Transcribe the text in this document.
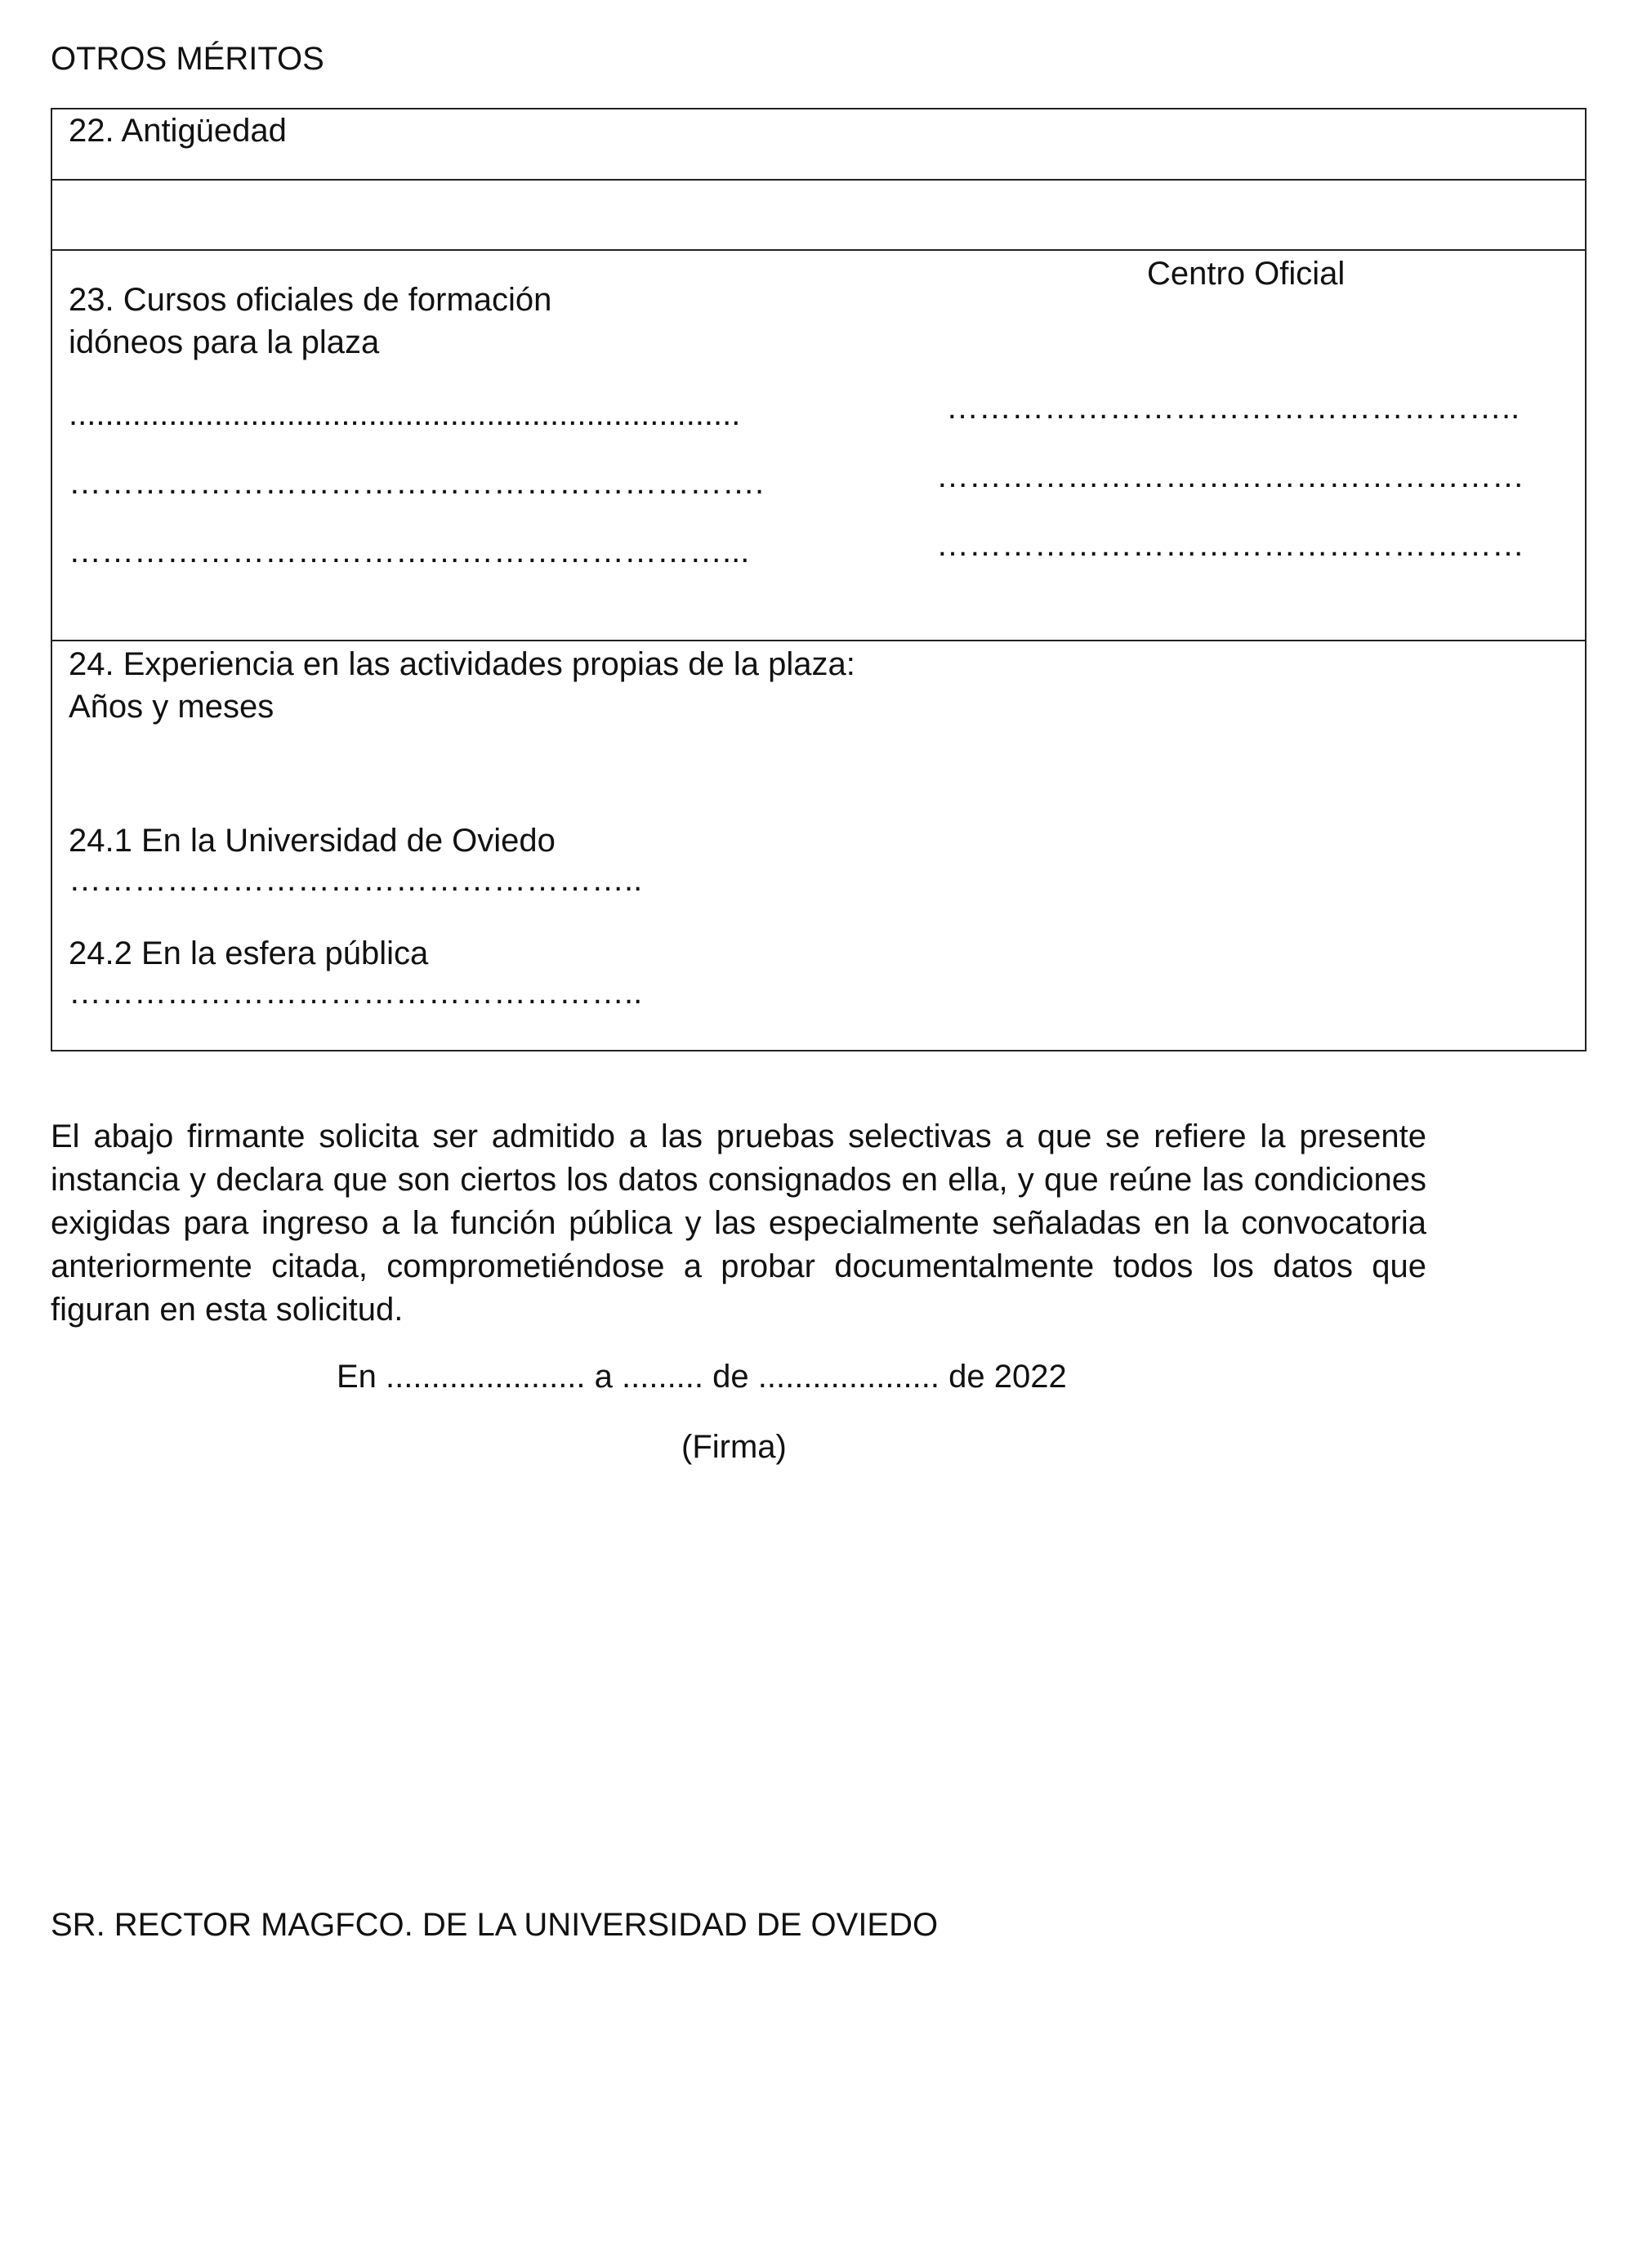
OTROS MÉRITOS
22. Antigüedad
23. Cursos oficiales de formación
idóneos para la plaza
Centro Oficial
..........................................................................
……………………………………………………….
……………………………………………………...
……………………………………………..
………………………………………………
………………………………………………
24. Experiencia en las actividades propias de la plaza:
Años y meses
24.1 En la Universidad de Oviedo
……………………………………………..
24.2 En la esfera pública
……………………………………………..
El abajo firmante solicita ser admitido a las pruebas selectivas a que se refiere la presente instancia y declara que son ciertos los datos consignados en ella, y que reúne las condiciones exigidas para ingreso a la función pública y las especialmente señaladas en la convocatoria anteriormente citada, comprometiéndose a probar documentalmente todos los datos que figuran en esta solicitud.
En ...................... a ......... de .................... de 2022
(Firma)
SR. RECTOR MAGFCO. DE LA UNIVERSIDAD DE OVIEDO
